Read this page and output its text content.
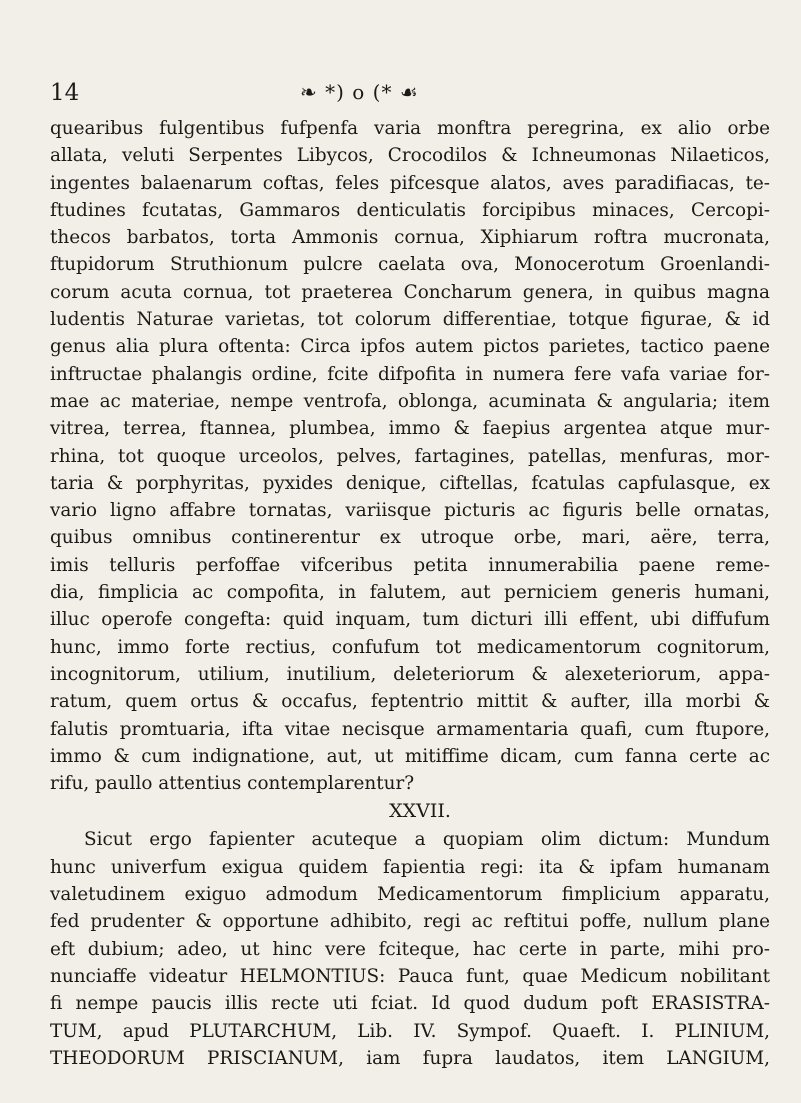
14	❧ *) o (* ☙
quearibus fulgentibus fufpenfa varia monftra peregrina, ex alio orbe
allata, veluti Serpentes Libycos, Crocodilos & Ichneumonas Nilaeticos,
ingentes balaenarum coftas, feles pifcesque alatos, aves paradifiacas, te-
ftudines fcutatas, Gammaros denticulatis forcipibus minaces, Cercopi-
thecos barbatos, torta Ammonis cornua, Xiphiarum roftra mucronata,
ftupidorum Struthionum pulcre caelata ova, Monocerotum Groenlandi-
corum acuta cornua, tot praeterea Concharum genera, in quibus magna
ludentis Naturae varietas, tot colorum differentiae, totque figurae, & id
genus alia plura oftenta: Circa ipfos autem pictos parietes, tactico paene
inftructae phalangis ordine, fcite difpofita in numera fere vafa variae for-
mae ac materiae, nempe ventrofa, oblonga, acuminata & angularia; item
vitrea, terrea, ftannea, plumbea, immo & faepius argentea atque mur-
rhina, tot quoque urceolos, pelves, fartagines, patellas, menfuras, mor-
taria & porphyritas, pyxides denique, ciftellas, fcatulas capfulasque, ex
vario ligno affabre tornatas, variisque picturis ac figuris belle ornatas,
quibus omnibus continerentur ex utroque orbe, mari, aëre, terra,
imis telluris perfoffae vifceribus petita innumerabilia paene reme-
dia, fimplicia ac compofita, in falutem, aut perniciem generis humani,
illuc operofe congefta: quid inquam, tum dicturi illi effent, ubi diffufum
hunc, immo forte rectius, confufum tot medicamentorum cognitorum,
incognitorum, utilium, inutilium, deleteriorum & alexeteriorum, appa-
ratum, quem ortus & occafus, feptentrio mittit & aufter, illa morbi &
falutis promtuaria, ifta vitae necisque armamentaria quafi, cum ftupore,
immo & cum indignatione, aut, ut mitiffime dicam, cum fanna certe ac
rifu, paullo attentius contemplarentur?
XXVII.
Sicut ergo fapienter acuteque a quopiam olim dictum: Mundum
hunc univerfum exigua quidem fapientia regi: ita & ipfam humanam
valetudinem exiguo admodum Medicamentorum fimplicium apparatu,
fed prudenter & opportune adhibito, regi ac reftitui poffe, nullum plane
eft dubium; adeo, ut hinc vere fciteque, hac certe in parte, mihi pro-
nunciaffe videatur HELMONTIUS: Pauca funt, quae Medicum nobilitant
fi nempe paucis illis recte uti fciat. Id quod dudum poft ERASISTRA-
TUM, apud PLUTARCHUM, Lib. IV. Sympof. Quaeft. I. PLINIUM,
THEODORUM PRISCIANUM, iam fupra laudatos, item LANGIUM,
